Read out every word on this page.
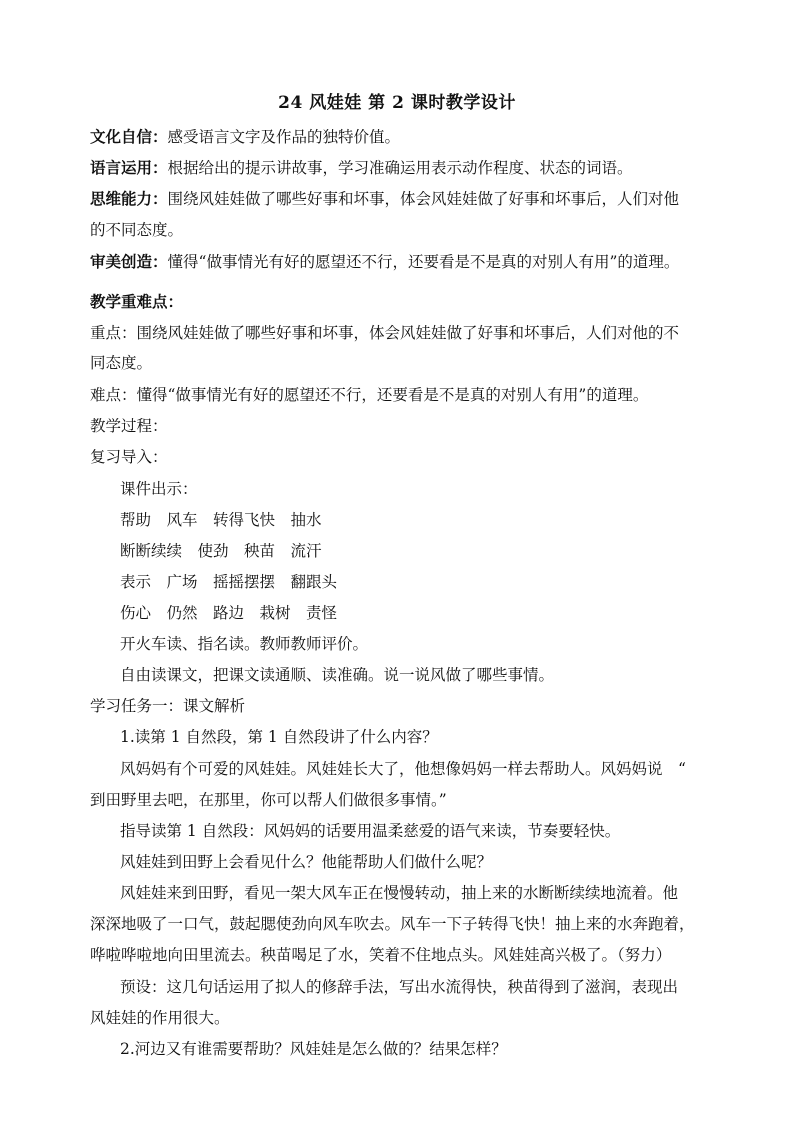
24 风娃娃 第 2 课时教学设计
文化自信：感受语言文字及作品的独特价值。
语言运用：根据给出的提示讲故事，学习准确运用表示动作程度、状态的词语。
思维能力：围绕风娃娃做了哪些好事和坏事，体会风娃娃做了好事和坏事后，人们对他
的不同态度。
审美创造：懂得“做事情光有好的愿望还不行，还要看是不是真的对别人有用”的道理。
教学重难点：
重点：围绕风娃娃做了哪些好事和坏事，体会风娃娃做了好事和坏事后，人们对他的不
同态度。
难点：懂得“做事情光有好的愿望还不行，还要看是不是真的对别人有用”的道理。
教学过程：
复习导入：
课件出示：
帮助　风车　转得飞快　抽水
断断续续　使劲　秧苗　流汗
表示　广场　摇摇摆摆　翻跟头
伤心　仍然　路边　栽树　责怪
开火车读、指名读。教师教师评价。
自由读课文，把课文读通顺、读准确。说一说风做了哪些事情。
学习任务一：课文解析
1.读第 1 自然段，第 1 自然段讲了什么内容？
风妈妈有个可爱的风娃娃。风娃娃长大了，他想像妈妈一样去帮助人。风妈妈说　“
到田野里去吧，在那里，你可以帮人们做很多事情。”
指导读第 1 自然段：风妈妈的话要用温柔慈爱的语气来读，节奏要轻快。
风娃娃到田野上会看见什么？他能帮助人们做什么呢？
风娃娃来到田野，看见一架大风车正在慢慢转动，抽上来的水断断续续地流着。他
深深地吸了一口气，鼓起腮使劲向风车吹去。风车一下子转得飞快！抽上来的水奔跑着，
哗啦哗啦地向田里流去。秧苗喝足了水，笑着不住地点头。风娃娃高兴极了。（努力）
预设：这几句话运用了拟人的修辞手法，写出水流得快，秧苗得到了滋润，表现出
风娃娃的作用很大。
2.河边又有谁需要帮助？风娃娃是怎么做的？结果怎样？
